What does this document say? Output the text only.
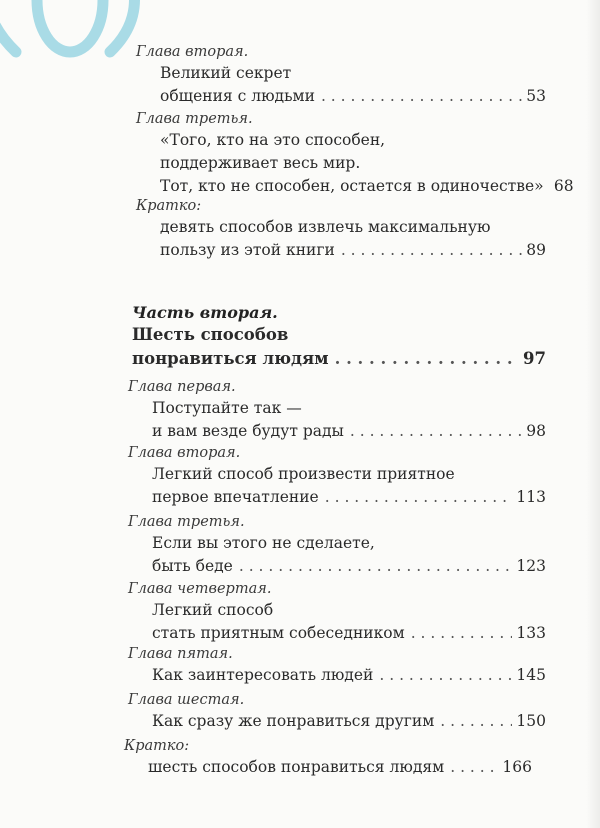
Глава вторая.
Великий секрет
общения с людьми . . .	53
Глава третья.
«Того, кто на это способен,
поддерживает весь мир.
Тот, кто не способен, остается в одиночестве» 68
Кратко:
девять способов извлечь максимальную
пользу из этой книги . . .	89
Часть вторая.
Шесть способов
понравиться людям . . .	97
Глава первая.
Поступайте так —
и вам везде будут рады . . .	98
Глава вторая.
Легкий способ произвести приятное
первое впечатление . . .	113
Глава третья.
Если вы этого не сделаете,
быть беде . . .	123
Глава четвертая.
Легкий способ
стать приятным собеседником . . .	133
Глава пятая.
Как заинтересовать людей . . .	145
Глава шестая.
Как сразу же понравиться другим . . .	150
Кратко:
шесть способов понравиться людям . . .	166
